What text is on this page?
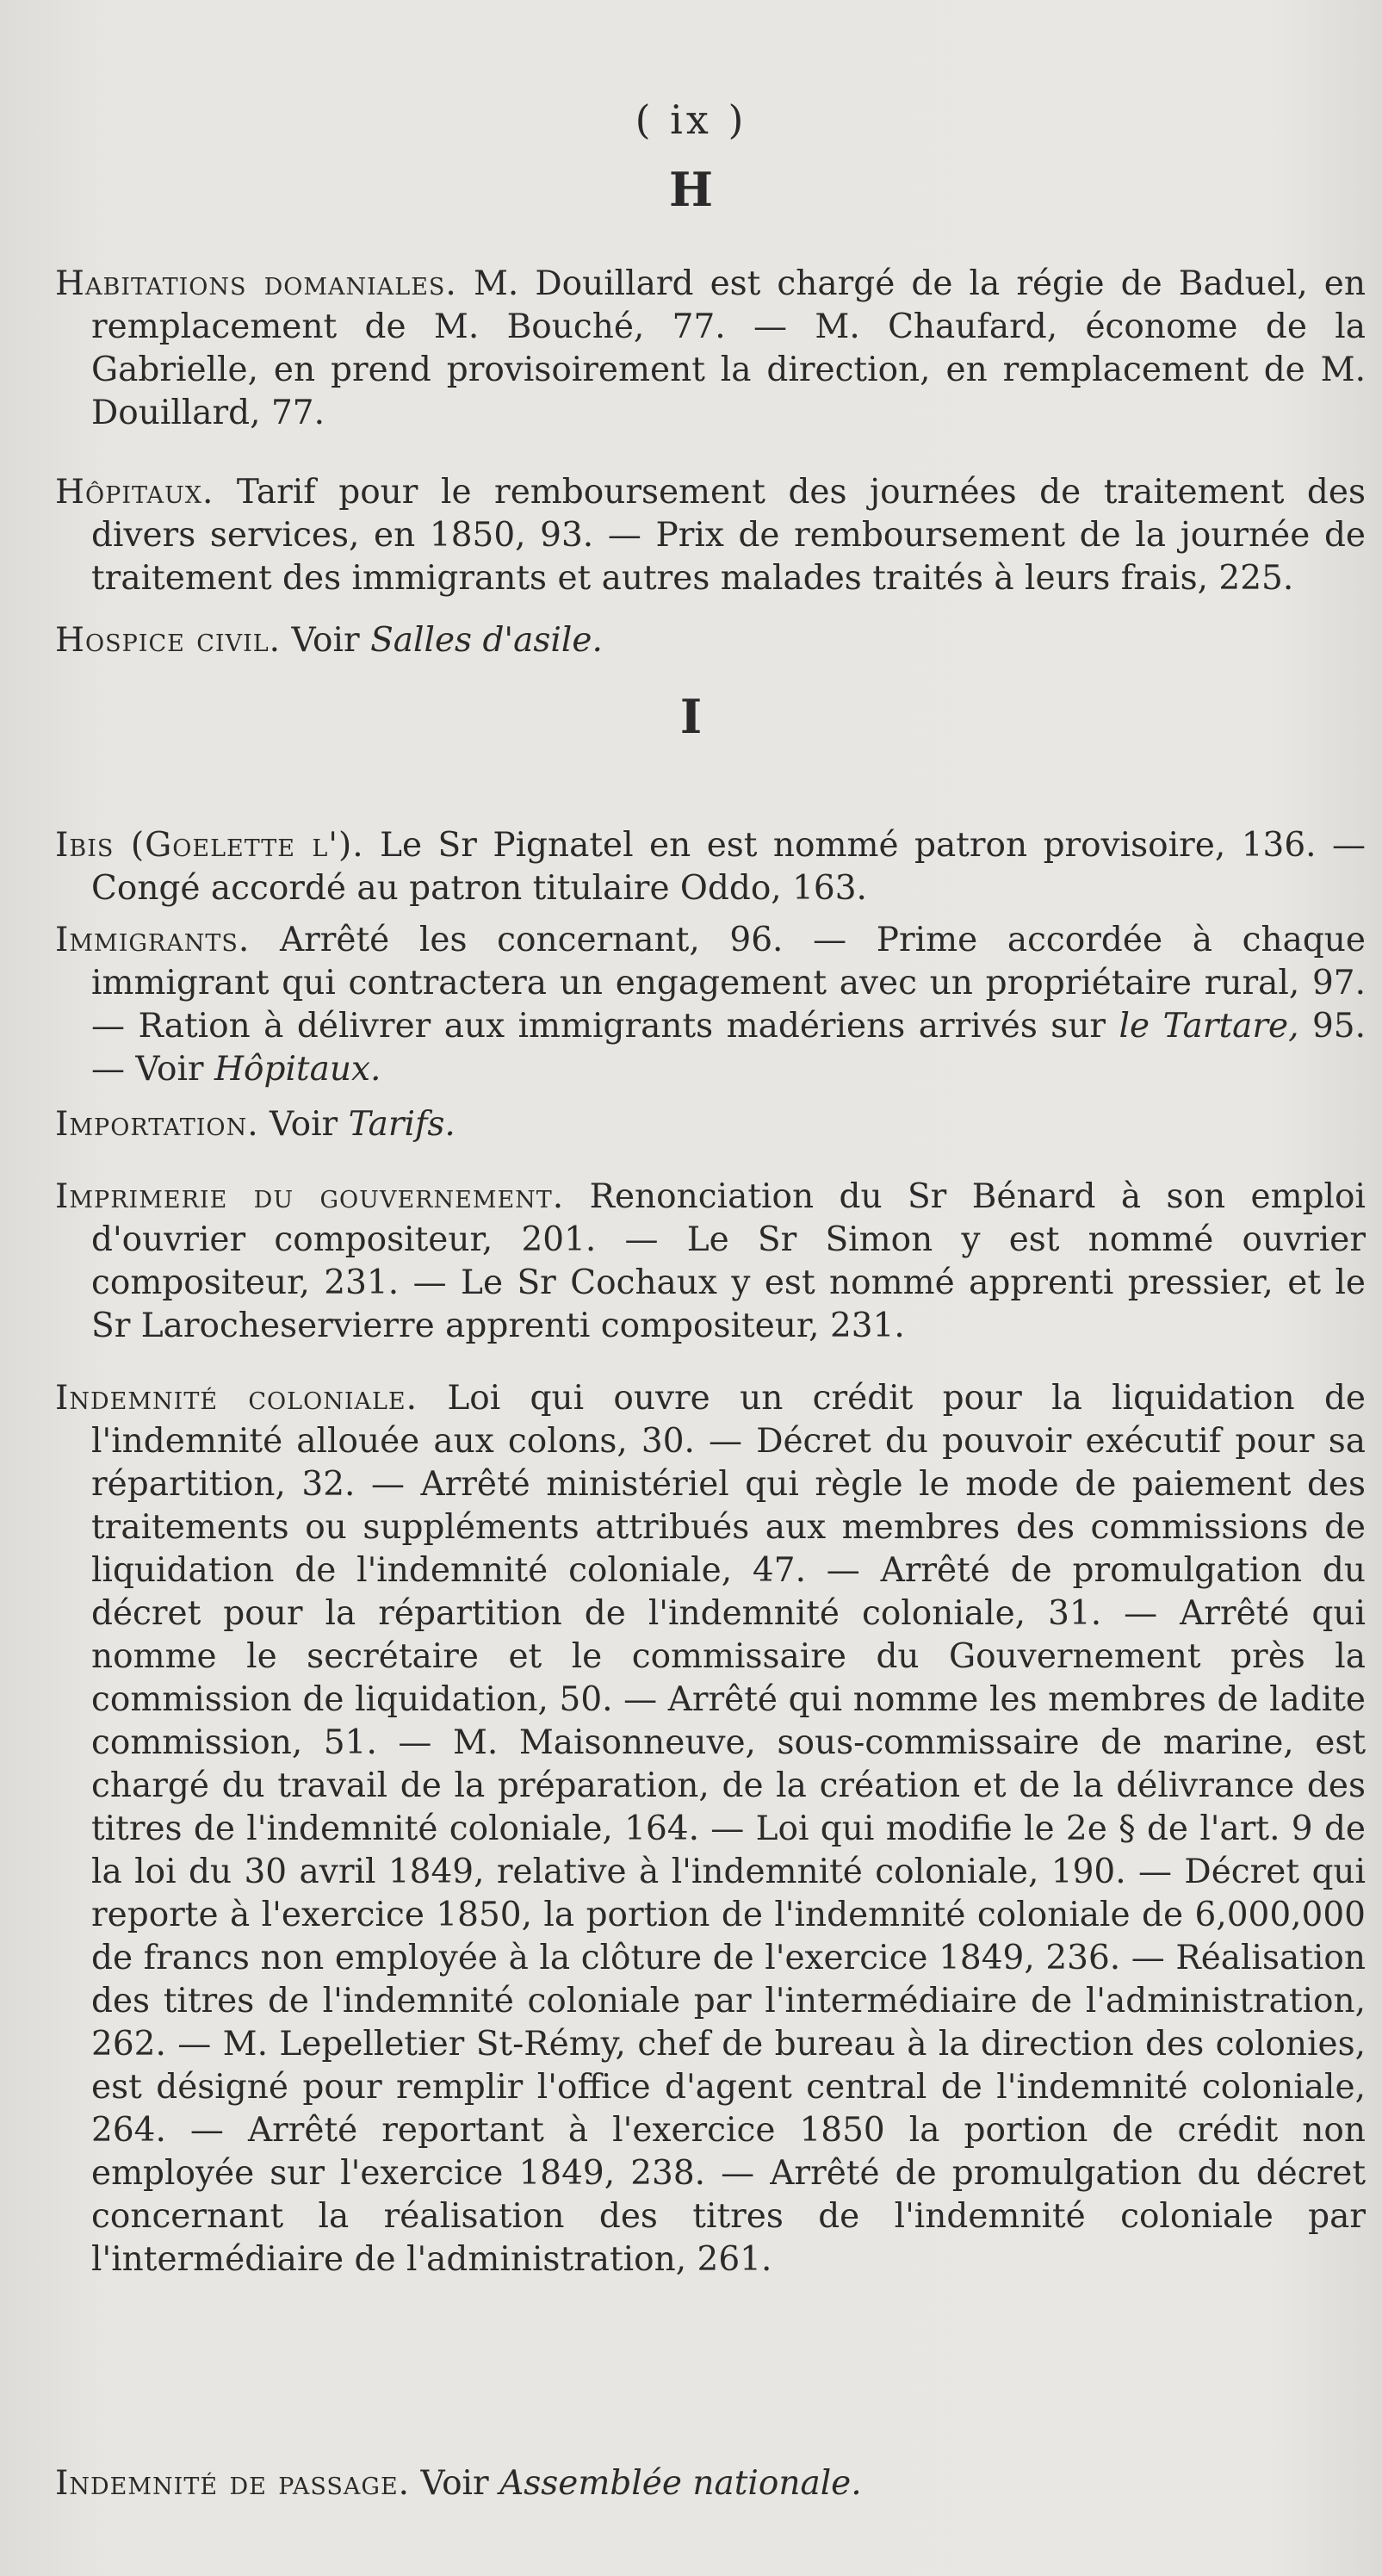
( ix )
H

Habitations domaniales. M. Douillard est chargé de la régie de Baduel, en remplacement de M. Bouché, 77. — M. Chaufard, économe de la Gabrielle, en prend provisoirement la direction, en remplacement de M. Douillard, 77.

Hôpitaux. Tarif pour le remboursement des journées de traitement des divers services, en 1850, 93. — Prix de remboursement de la journée de traitement des immigrants et autres malades traités à leurs frais, 225.

Hospice civil. Voir Salles d'asile.

I

Ibis (Goelette l'). Le Sr Pignatel en est nommé patron provisoire, 136. — Congé accordé au patron titulaire Oddo, 163.

Immigrants. Arrêté les concernant, 96. — Prime accordée à chaque immigrant qui contractera un engagement avec un propriétaire rural, 97. — Ration à délivrer aux immigrants madériens arrivés sur le Tartare, 95. — Voir Hôpitaux.

Importation. Voir Tarifs.

Imprimerie du gouvernement. Renonciation du Sr Bénard à son emploi d'ouvrier compositeur, 201. — Le Sr Simon y est nommé ouvrier compositeur, 231. — Le Sr Cochaux y est nommé apprenti pressier, et le Sr Larocheservierre apprenti compositeur, 231.

Indemnité coloniale. Loi qui ouvre un crédit pour la liquidation de l'indemnité allouée aux colons, 30. — Décret du pouvoir exécutif pour sa répartition, 32. — Arrêté ministériel qui règle le mode de paiement des traitements ou suppléments attribués aux membres des commissions de liquidation de l'indemnité coloniale, 47. — Arrêté de promulgation du décret pour la répartition de l'indemnité coloniale, 31. — Arrêté qui nomme le secrétaire et le commissaire du Gouvernement près la commission de liquidation, 50. — Arrêté qui nomme les membres de ladite commission, 51. — M. Maisonneuve, sous-commissaire de marine, est chargé du travail de la préparation, de la création et de la délivrance des titres de l'indemnité coloniale, 164. — Loi qui modifie le 2e § de l'art. 9 de la loi du 30 avril 1849, relative à l'indemnité coloniale, 190. — Décret qui reporte à l'exercice 1850, la portion de l'indemnité coloniale de 6,000,000 de francs non employée à la clôture de l'exercice 1849, 236. — Réalisation des titres de l'indemnité coloniale par l'intermédiaire de l'administration, 262. — M. Lepelletier St-Rémy, chef de bureau à la direction des colonies, est désigné pour remplir l'office d'agent central de l'indemnité coloniale, 264. — Arrêté reportant à l'exercice 1850 la portion de crédit non employée sur l'exercice 1849, 238. — Arrêté de promulgation du décret concernant la réalisation des titres de l'indemnité coloniale par l'intermédiaire de l'administration, 261.

Indemnité de passage. Voir Assemblée nationale.
